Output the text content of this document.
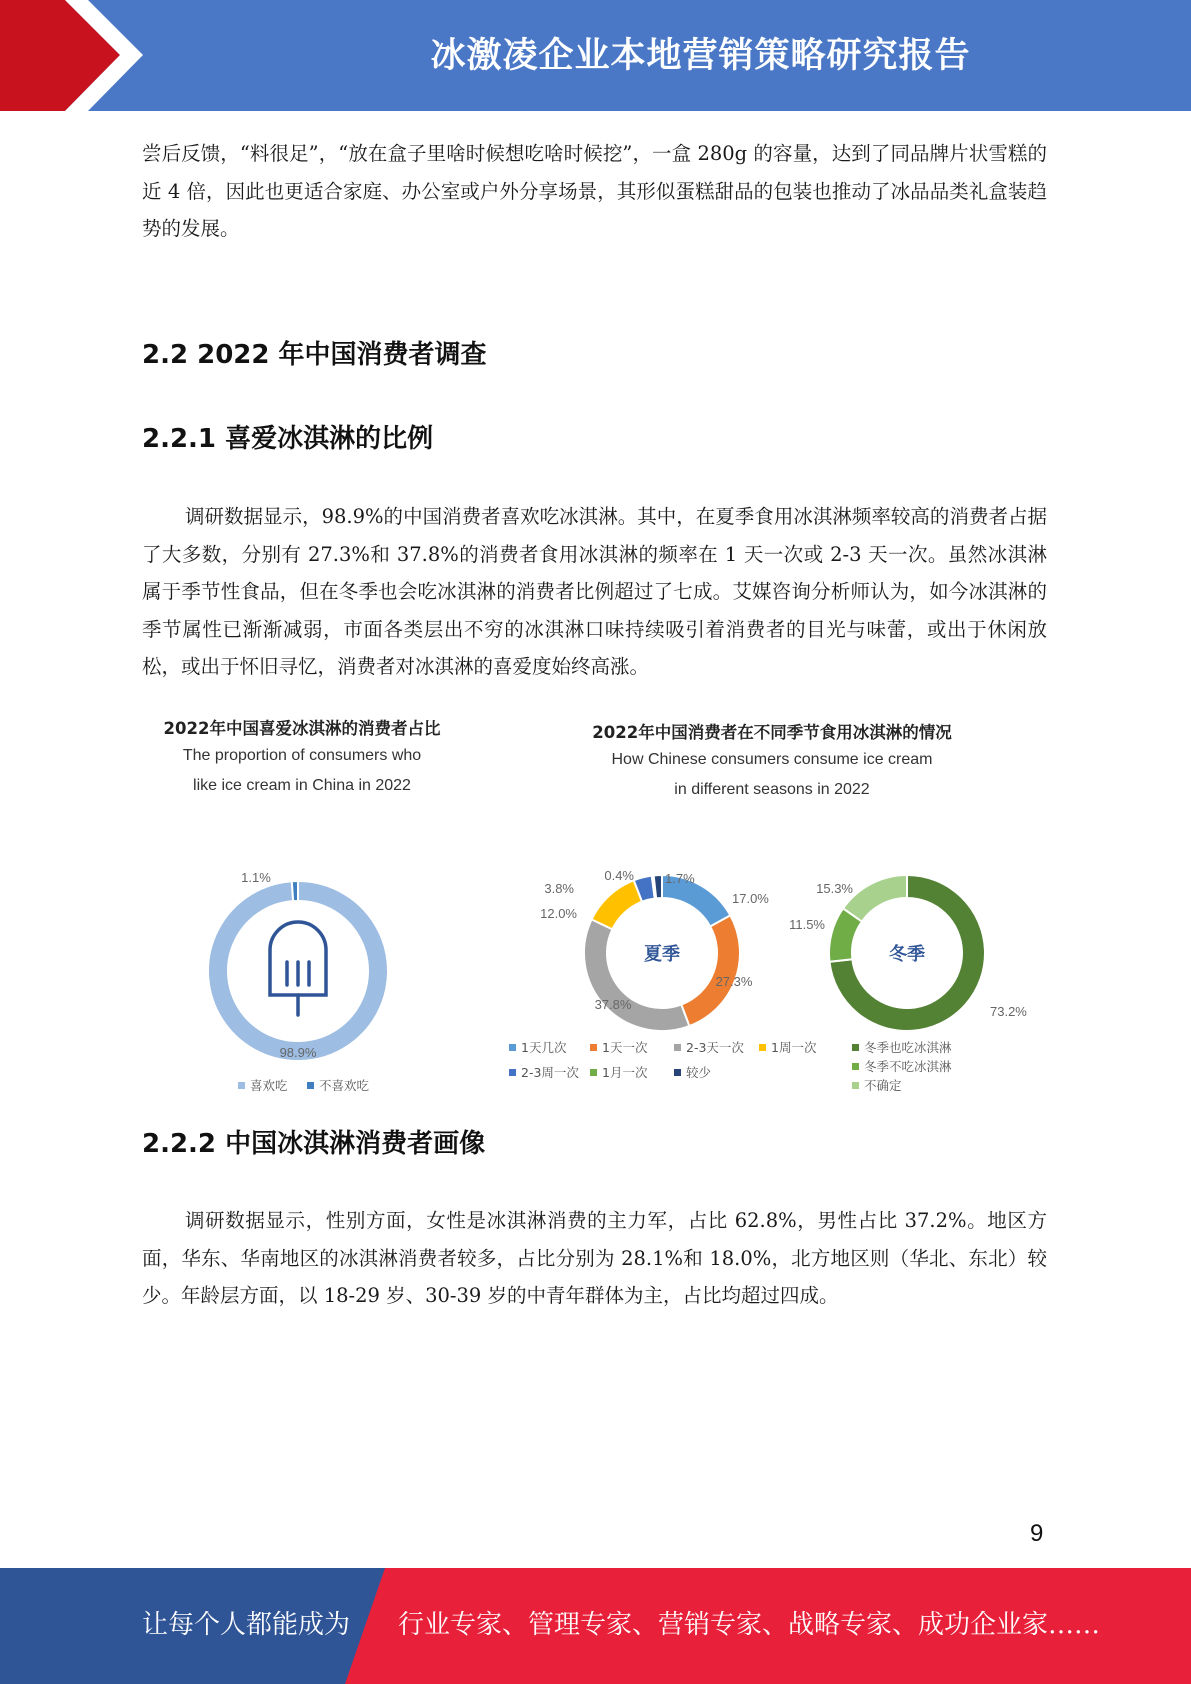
冰激凌企业本地营销策略研究报告
尝后反馈，“料很足”，“放在盒子里啥时候想吃啥时候挖”，一盒 280g 的容量，达到了同品牌片状雪糕的近 4 倍，因此也更适合家庭、办公室或户外分享场景，其形似蛋糕甜品的包装也推动了冰品品类礼盒装趋势的发展。
2.2 2022 年中国消费者调查
2.2.1 喜爱冰淇淋的比例
调研数据显示，98.9%的中国消费者喜欢吃冰淇淋。其中，在夏季食用冰淇淋频率较高的消费者占据了大多数，分别有 27.3%和 37.8%的消费者食用冰淇淋的频率在 1 天一次或 2-3 天一次。虽然冰淇淋属于季节性食品，但在冬季也会吃冰淇淋的消费者比例超过了七成。艾媒咨询分析师认为，如今冰淇淋的季节属性已渐渐减弱，市面各类层出不穷的冰淇淋口味持续吸引着消费者的目光与味蕾，或出于休闲放松，或出于怀旧寻忆，消费者对冰淇淋的喜爱度始终高涨。
2022年中国喜爱冰淇淋的消费者占比
The proportion of consumers who
like ice cream in China in 2022
2022年中国消费者在不同季节食用冰淇淋的情况
How Chinese consumers consume ice cream
in different seasons in 2022
98.9%
1.1%
喜欢吃	不喜欢吃
17.0%
27.3%
37.8%
12.0%
3.8%
0.4% 1.7%
夏季
1天几次	1天一次	2-3天一次 1周一次
2-3周一次 1月一次	较少
73.2%
11.5%
15.3%
冬季
冬季也吃冰淇淋
冬季不吃冰淇淋
不确定
2.2.2 中国冰淇淋消费者画像
调研数据显示，性别方面，女性是冰淇淋消费的主力军，占比 62.8%，男性占比 37.2%。地区方面，华东、华南地区的冰淇淋消费者较多，占比分别为 28.1%和 18.0%，北方地区则（华北、东北）较少。年龄层方面，以 18-29 岁、30-39 岁的中青年群体为主，占比均超过四成。
9
让每个人都能成为 行业专家、管理专家、营销专家、战略专家、成功企业家……
